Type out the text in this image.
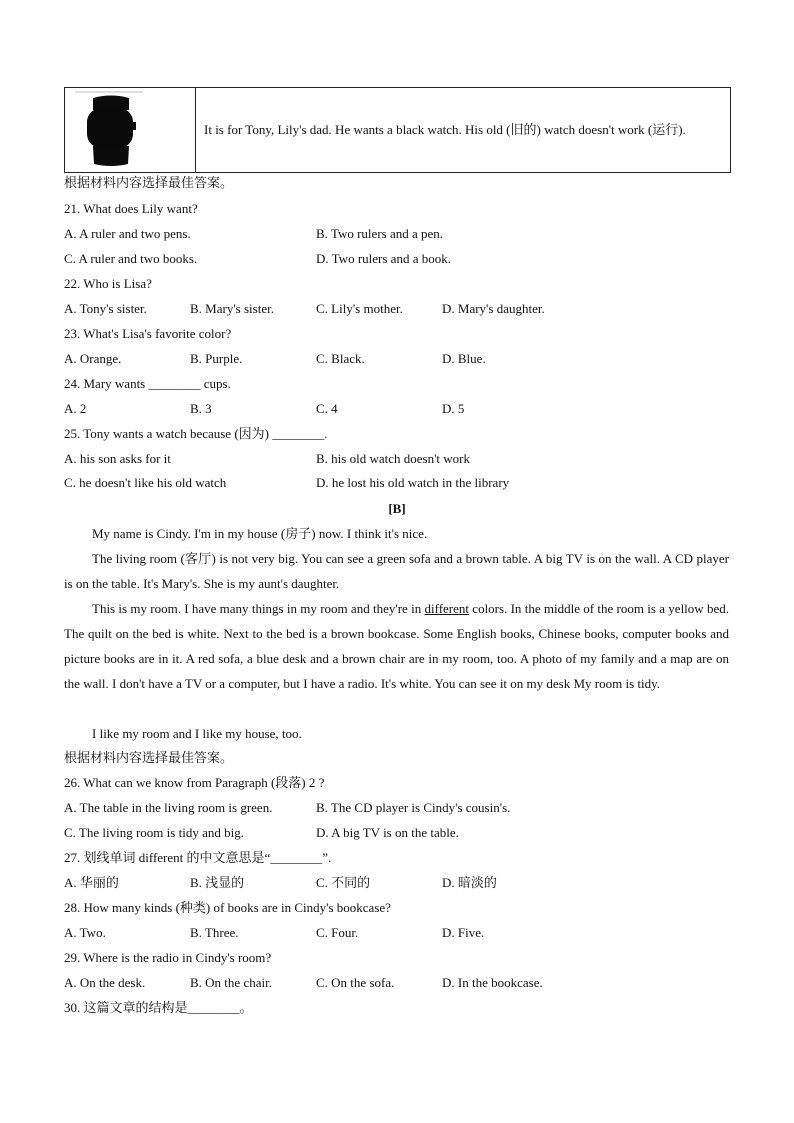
It is for Tony, Lily's dad. He wants a black watch. His old (旧的) watch doesn't work (运行).
根据材料内容选择最佳答案。
21. What does Lily want?
A. A ruler and two pens.	B. Two rulers and a pen.
C. A ruler and two books.	D. Two rulers and a book.
22. Who is Lisa?
A. Tony's sister.	B. Mary's sister.	C. Lily's mother.	D. Mary's daughter.
23. What's Lisa's favorite color?
A. Orange.	B. Purple.	C. Black.	D. Blue.
24. Mary wants ________ cups.
A. 2	B. 3	C. 4	D. 5
25. Tony wants a watch because (因为) ________.
A. his son asks for it	B. his old watch doesn't work
C. he doesn't like his old watch	D. he lost his old watch in the library
[B]
My name is Cindy. I'm in my house (房子) now. I think it's nice.
The living room (客厅) is not very big. You can see a green sofa and a brown table. A big TV is on the wall. A CD player is on the table. It's Mary's. She is my aunt's daughter.
This is my room. I have many things in my room and they're in different colors. In the middle of the room is a yellow bed. The quilt on the bed is white. Next to the bed is a brown bookcase. Some English books, Chinese books, computer books and picture books are in it. A red sofa, a blue desk and a brown chair are in my room, too. A photo of my family and a map are on the wall. I don't have a TV or a computer, but I have a radio. It's white. You can see it on my desk My room is tidy.
I like my room and I like my house, too.
根据材料内容选择最佳答案。
26. What can we know from Paragraph (段落) 2 ?
A. The table in the living room is green.	B. The CD player is Cindy's cousin's.
C. The living room is tidy and big.	D. A big TV is on the table.
27. 划线单词 different 的中文意思是“________”.
A. 华丽的	B. 浅显的	C. 不同的	D. 暗淡的
28. How many kinds (种类) of books are in Cindy's bookcase?
A. Two.	B. Three.	C. Four.	D. Five.
29. Where is the radio in Cindy's room?
A. On the desk.	B. On the chair.	C. On the sofa.	D. In the bookcase.
30. 这篇文章的结构是________。
